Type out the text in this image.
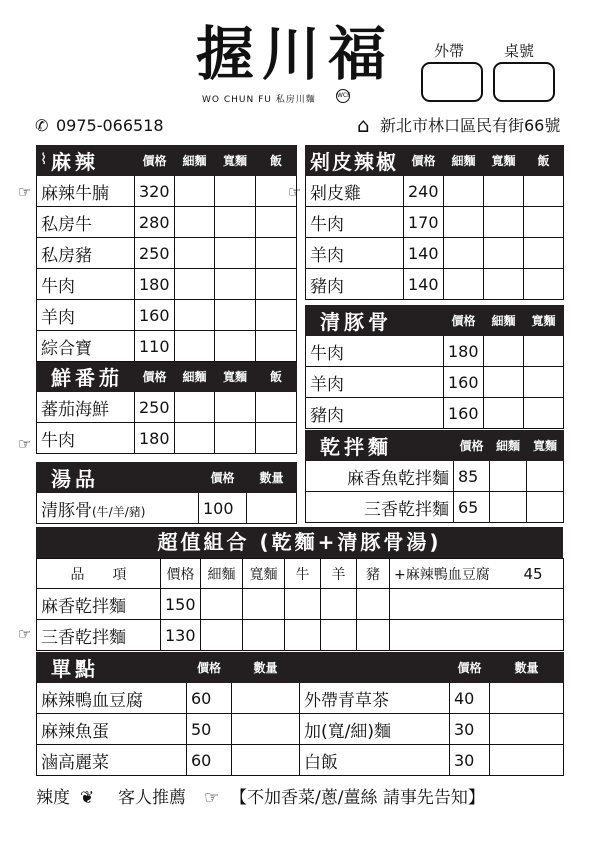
握川福
WO CHUN FU 私房川麵	WCF
外帶	桌號
✆ 0975-066518	⌂ 新北市林口區民有街66號
麻辣	價格	細麵	寬麵	飯
麻辣牛腩	320			
私房牛	280			
私房豬	250			
牛肉	180			
羊肉	160			
綜合寶	110			
鮮番茄	價格	細麵	寬麵	飯
蕃茄海鮮	250			
牛肉	180			
湯品	價格	數量
清豚骨(牛/羊/豬)	100	
剁皮辣椒	價格	細麵	寬麵	飯
剁皮雞	240			
牛肉	170			
羊肉	140			
豬肉	140			
清豚骨	價格	細麵	寬麵
牛肉	180		
羊肉	160		
豬肉	160		
乾拌麵	價格	細麵	寬麵
麻香魚乾拌麵	85		
三香乾拌麵	65		
超值組合 (乾麵+清豚骨湯)
品　　項	價格	細麵	寬麵	牛	羊	豬	+麻辣鴨血豆腐	45
麻香乾拌麵	150							
三香乾拌麵	130							
單點	價格	數量		價格	數量
麻辣鴨血豆腐	60		外帶青草茶	40	
麻辣魚蛋	50		加(寬/細)麵	30	
滷高麗菜	60		白飯	30	
☞	☞
☞
☞
⌇
辣度 ❦ 客人推薦 ☞ 【不加香菜/蔥/薑絲 請事先告知】
